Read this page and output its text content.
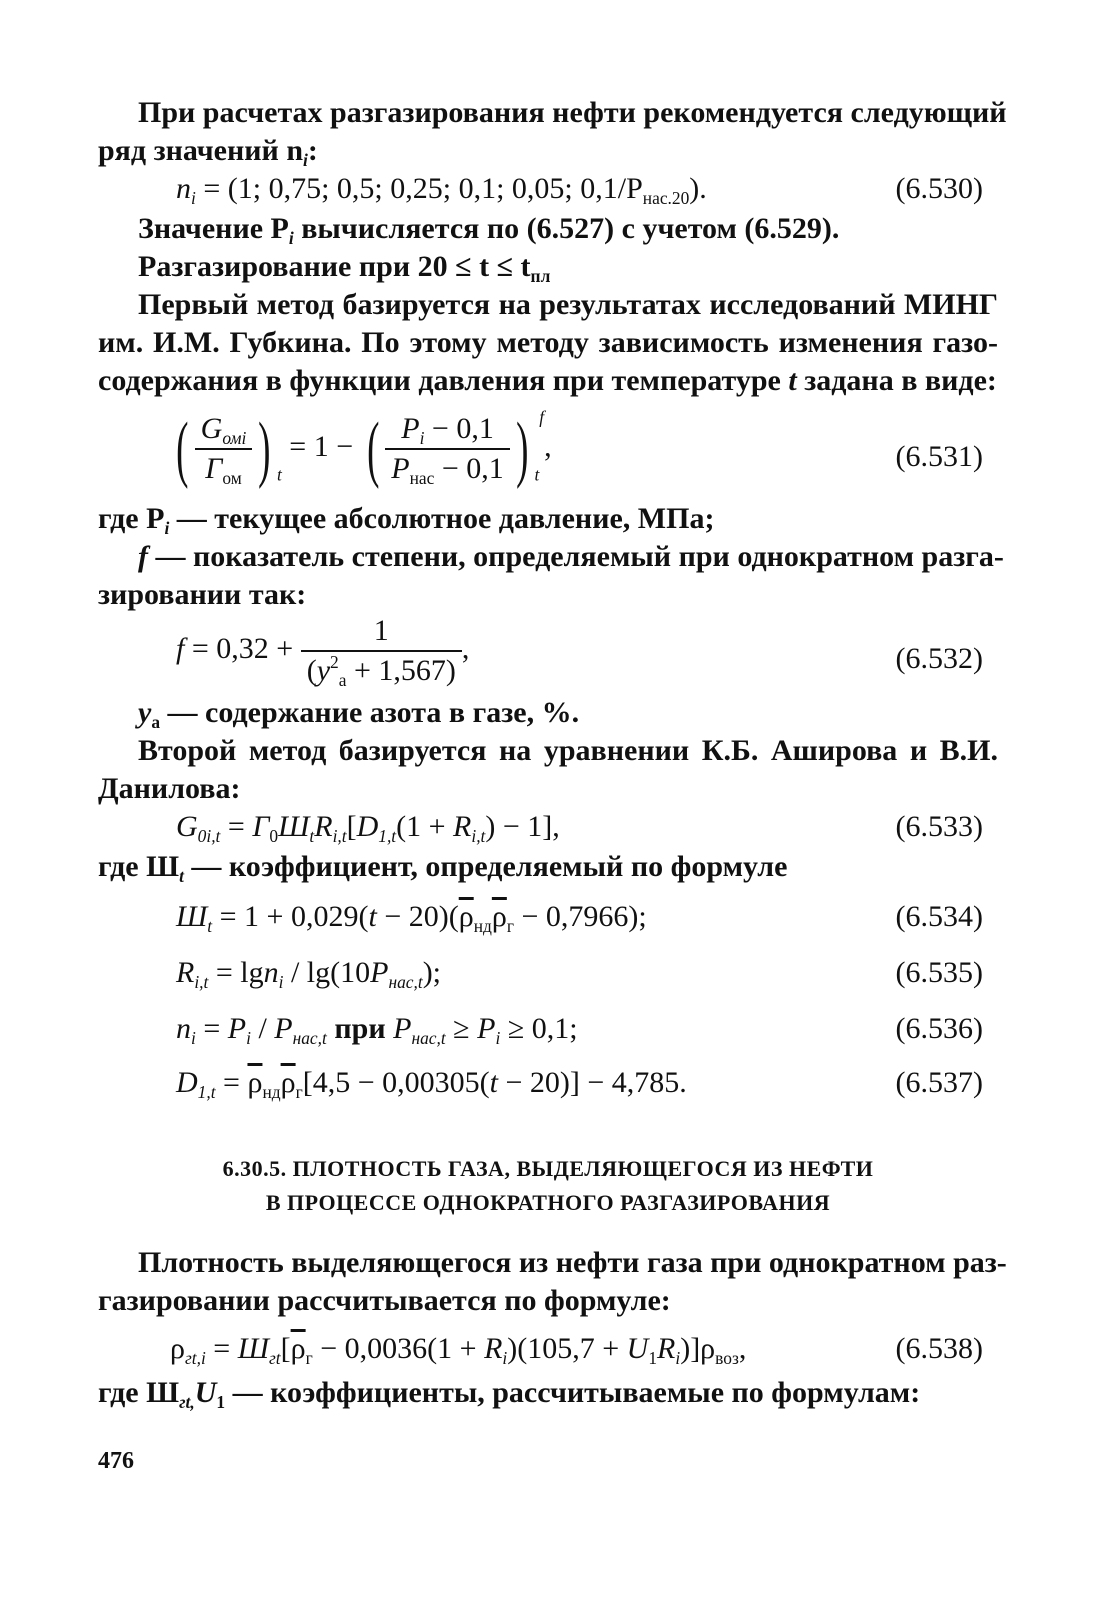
При расчетах разгазирования нефти рекомендуется следующий
ряд значений $n_i$:
$n_i = (1$; 0,75; 0,5; 0,25; 0,1; 0,05; $0,1/P_{нас.20}$).	(6.530)
Значение $P_i$ вычисляется по (6.527) с учетом (6.529).
Разгазирование при $20 \le t \le t_{пл}$
Первый метод базируется на результатах исследований МИНГ
им. И.М. Губкина. По этому методу зависимость изменения газо-
содержания в функции давления при температуре t задана в виде:
( $\frac{G_{омi}}{Г_{ом}}$ ) $_t$ = 1 − ( $\frac{P_i - 0,1}{P_{нас} - 0,1}$ ) $_t^f$,	(6.531)
где $P_i$ — текущее абсолютное давление, МПа;
f — показатель степени, определяемый при однократном разга-
зировании так:
$f = 0,32 + \frac{1}{(y^2_а + 1,567)}$ ,	(6.532)
$y_а$ — содержание азота в газе, %.
Второй метод базируется на уравнении К.Б. Аширова и В.И.
Данилова:
$G_{0i,t} = Г_0Ш_tR_{i,t}[D_{1,t}(1 + R_{i,t}) - 1]$,	(6.533)
где $Ш_t$ — коэффициент, определяемый по формуле
$Ш_t = 1 + 0,029(t - 20)(\overline{\rho}_{нд}\overline{\rho}_г - 0,7966)$;	(6.534)
$R_{i,t} = \lg n_i / \lg(10P_{нас,t})$;	(6.535)
$n_i = P_i / P_{нас,t}$ при $P_{нас,t} \ge P_i \ge 0,1$;	(6.536)
$D_{1,t} = \overline{\rho}_{нд}\overline{\rho}_г[4,5 - 0,00305(t - 20)] - 4,785$.	(6.537)
6.30.5. ПЛОТНОСТЬ ГАЗА, ВЫДЕЛЯЮЩЕГОСЯ ИЗ НЕФТИ
В ПРОЦЕССЕ ОДНОКРАТНОГО РАЗГАЗИРОВАНИЯ
Плотность выделяющегося из нефти газа при однократном раз-
газировании рассчитывается по формуле:
$\rho_{гt,i} = Ш_{гt}[\overline{\rho}_г - 0,0036(1 + R_i)(105,7 + U_1R_i)]\rho_{воз}$,	(6.538)
где $Ш_{гt,}U_1$ — коэффициенты, рассчитываемые по формулам:
476
